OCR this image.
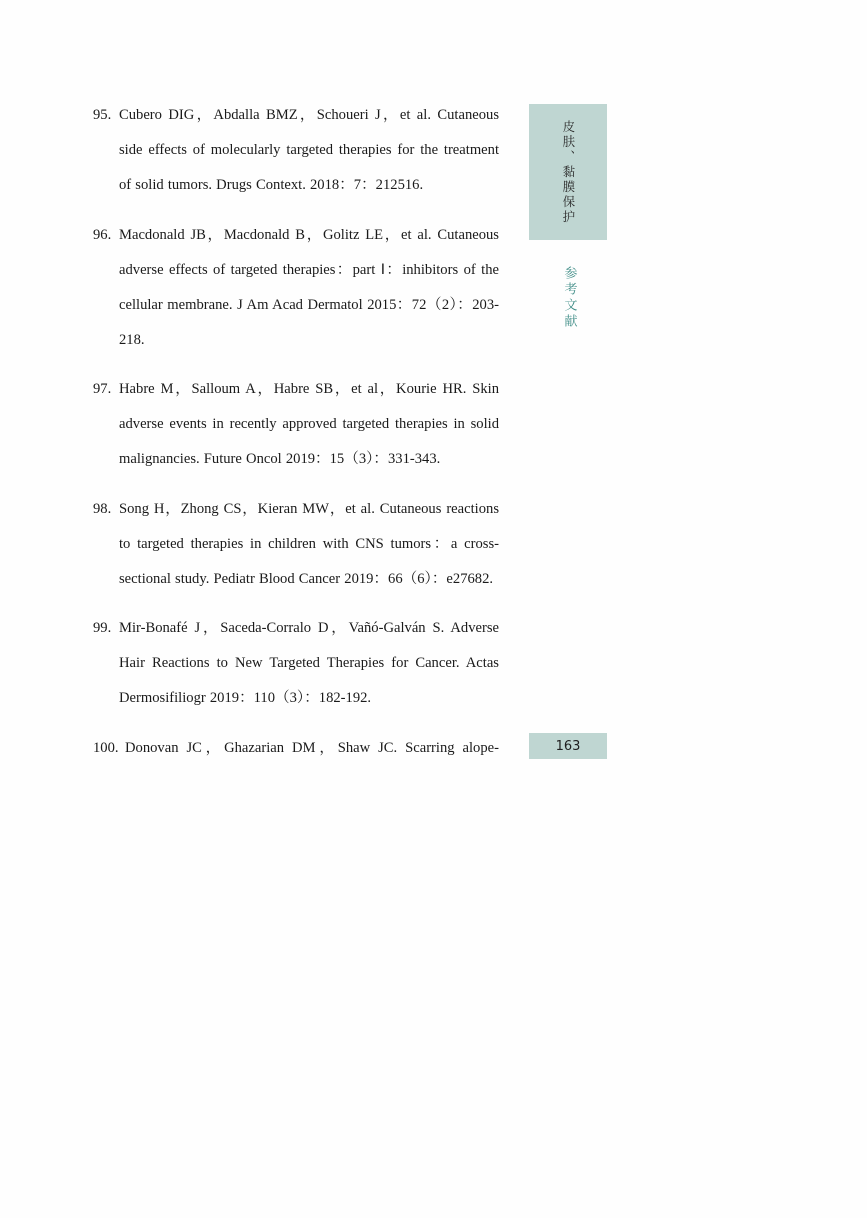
95. Cubero DIG，Abdalla BMZ，Schoueri J，et al. Cutaneous side effects of molecularly targeted therapies for the treatment of solid tumors. Drugs Context. 2018：7：212516.
96. Macdonald JB，Macdonald B，Golitz LE，et al. Cutaneous adverse effects of targeted therapies：part Ⅰ：inhibitors of the cellular membrane. J Am Acad Dermatol 2015：72（2）：203-218.
97. Habre M，Salloum A，Habre SB，et al，Kourie HR. Skin adverse events in recently approved targeted therapies in solid malignancies. Future Oncol 2019：15（3）：331-343.
98. Song H，Zhong CS，Kieran MW，et al. Cutaneous reactions to targeted therapies in children with CNS tumors：a cross-sectional study. Pediatr Blood Cancer 2019：66（6）：e27682.
99. Mir-Bonafé J，Saceda-Corralo D，Vañó-Galván S. Adverse Hair Reactions to New Targeted Therapies for Cancer. Actas Dermosifiliogr 2019：110（3）：182-192.
100. Donovan JC，Ghazarian DM，Shaw JC. Scarring alope-
皮肤、黏膜保护
参考文献
163
